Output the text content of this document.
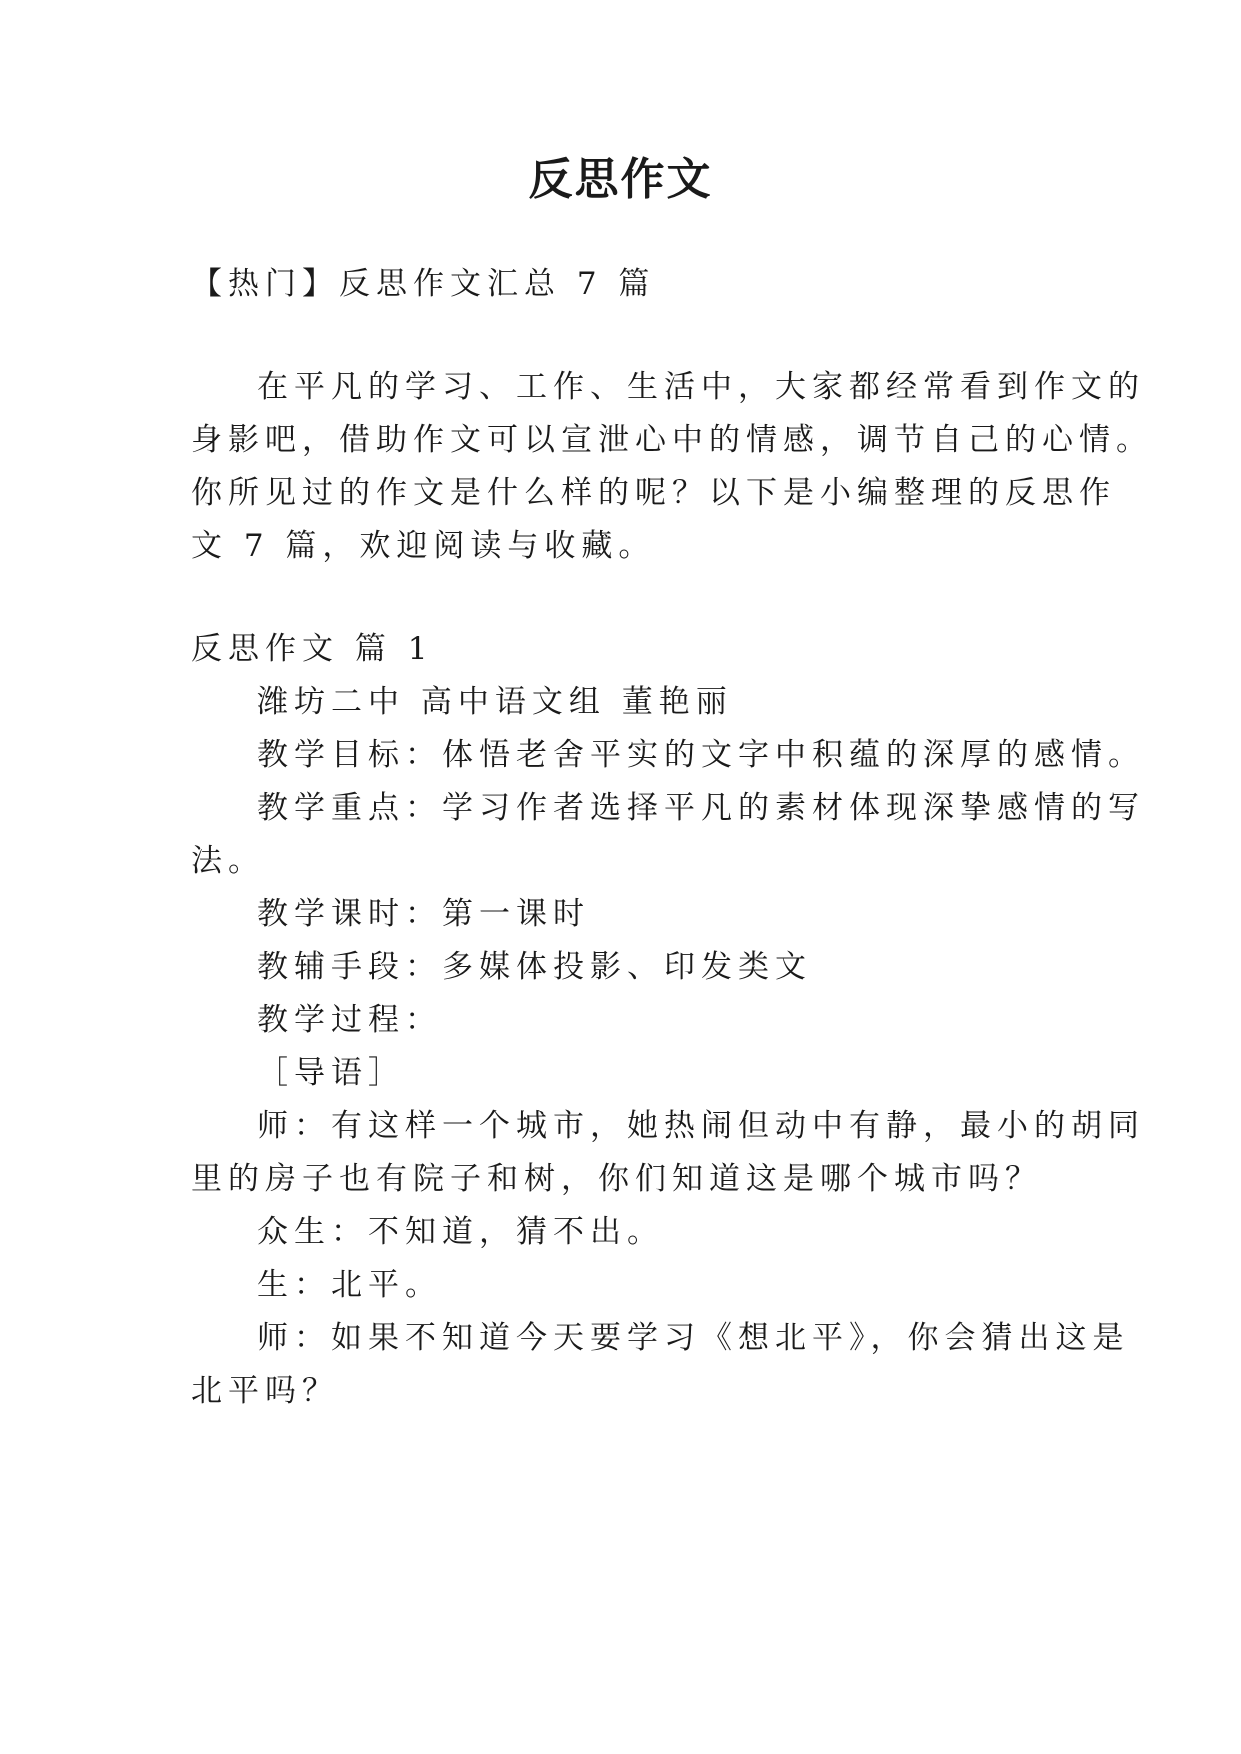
反思作文
【热门】反思作文汇总 7 篇
在平凡的学习、工作、生活中，大家都经常看到作文的
身影吧，借助作文可以宣泄心中的情感，调节自己的心情。
你所见过的作文是什么样的呢？以下是小编整理的反思作
文 7 篇，欢迎阅读与收藏。
反思作文 篇 1
潍坊二中 高中语文组 董艳丽
教学目标：体悟老舍平实的文字中积蕴的深厚的感情。
教学重点：学习作者选择平凡的素材体现深挚感情的写
法。
教学课时：第一课时
教辅手段：多媒体投影、印发类文
教学过程：
［导语］
师：有这样一个城市，她热闹但动中有静，最小的胡同
里的房子也有院子和树，你们知道这是哪个城市吗？
众生：不知道，猜不出。
生：北平。
师：如果不知道今天要学习《想北平》，你会猜出这是
北平吗？
